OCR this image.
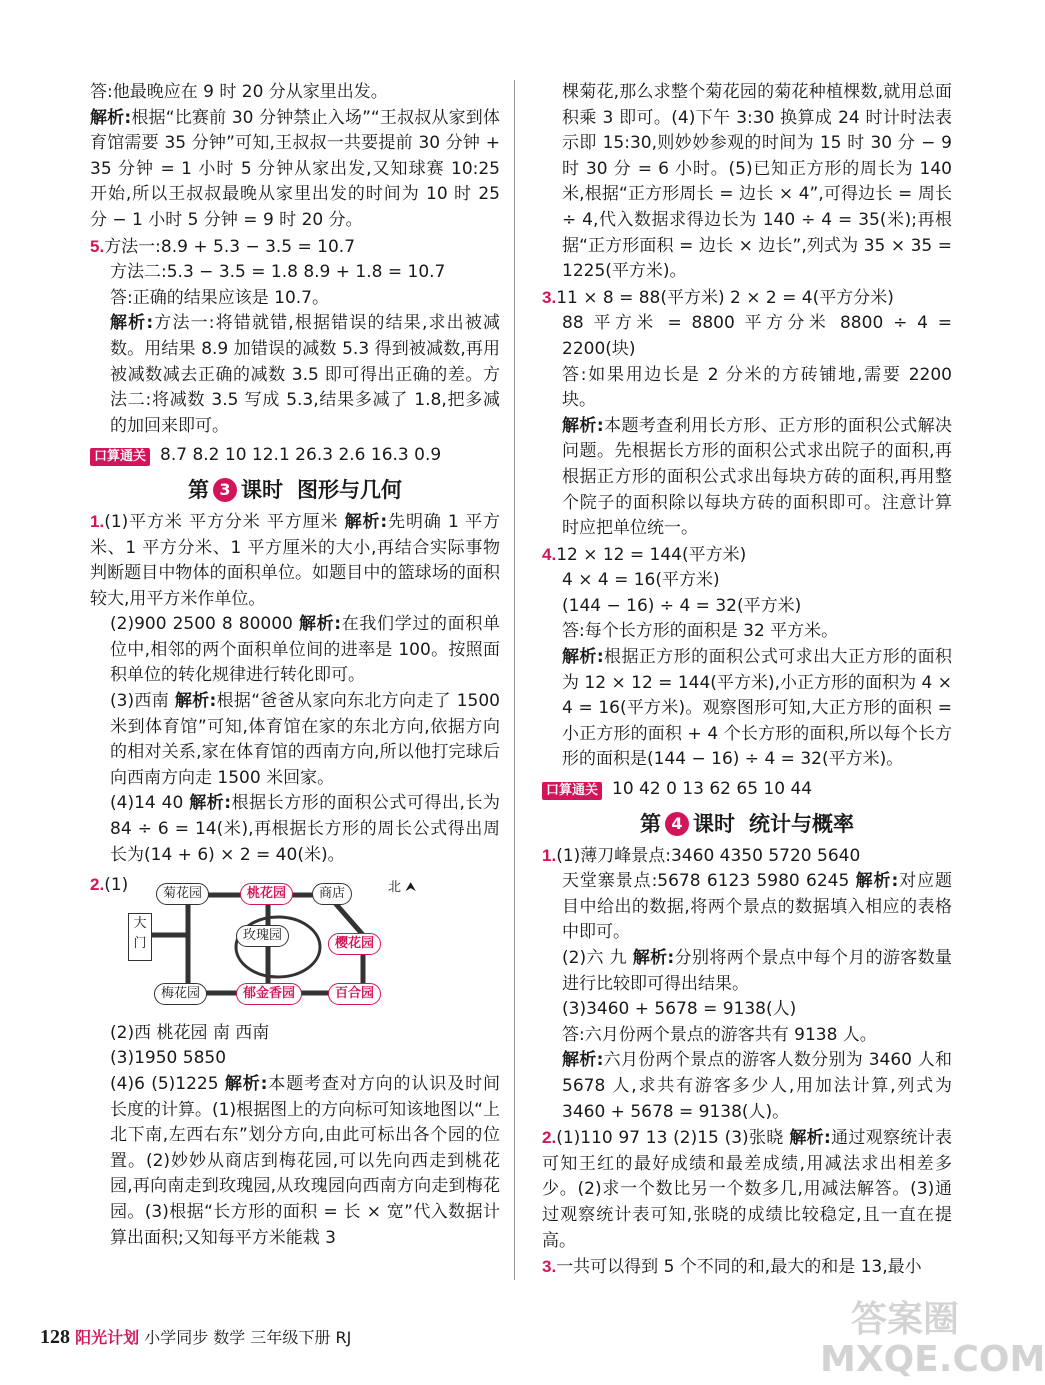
答:他最晚应在 9 时 20 分从家里出发。

解析:根据“比赛前 30 分钟禁止入场”“王叔叔从家到体育馆需要 35 分钟”可知,王叔叔一共要提前 30 分钟 + 35 分钟 = 1 小时 5 分钟从家出发,又知球赛 10:25 开始,所以王叔叔最晚从家里出发的时间为 10 时 25 分 − 1 小时 5 分钟 = 9 时 20 分。

5.方法一:8.9 + 5.3 − 3.5 = 10.7

方法二:5.3 − 3.5 = 1.8 8.9 + 1.8 = 10.7

答:正确的结果应该是 10.7。

解析:方法一:将错就错,根据错误的结果,求出被减数。用结果 8.9 加错误的减数 5.3 得到被减数,再用被减数减去正确的减数 3.5 即可得出正确的差。方法二:将减数 3.5 写成 5.3,结果多减了 1.8,把多减的加回来即可。

口算通关 8.7 8.2 10 12.1 26.3 2.6 16.3 0.9

第 3 课时 图形与几何

1.(1)平方米 平方分米 平方厘米 解析:先明确 1 平方米、1 平方分米、1 平方厘米的大小,再结合实际事物判断题目中物体的面积单位。如题目中的篮球场的面积较大,用平方米作单位。

(2)900 2500 8 80000 解析:在我们学过的面积单位中,相邻的两个面积单位间的进率是 100。按照面积单位的转化规律进行转化即可。

(3)西南 解析:根据“爸爸从家向东北方向走了 1500 米到体育馆”可知,体育馆在家的东北方向,依据方向的相对关系,家在体育馆的西南方向,所以他打完球后向西南方向走 1500 米回家。

(4)14 40 解析:根据长方形的面积公式可得出,长为 84 ÷ 6 = 14(米),再根据长方形的周长公式得出周长为(14 + 6) × 2 = 40(米)。

2.(1)	北 ⮝
大门
菊花园	桃花园	商店
玫瑰园
樱花园
梅花园	郁金香园	百合园

(2)西 桃花园 南 西南

(3)1950 5850

(4)6 (5)1225 解析:本题考查对方向的认识及时间长度的计算。(1)根据图上的方向标可知该地图以“上北下南,左西右东”划分方向,由此可标出各个园的位置。(2)妙妙从商店到梅花园,可以先向西走到桃花园,再向南走到玫瑰园,从玫瑰园向西南方向走到梅花园。(3)根据“长方形的面积 = 长 × 宽”代入数据计算出面积;又知每平方米能栽 3

棵菊花,那么求整个菊花园的菊花种植棵数,就用总面积乘 3 即可。(4)下午 3:30 换算成 24 时计时法表示即 15:30,则妙妙参观的时间为 15 时 30 分 − 9 时 30 分 = 6 小时。(5)已知正方形的周长为 140 米,根据“正方形周长 = 边长 × 4”,可得边长 = 周长 ÷ 4,代入数据求得边长为 140 ÷ 4 = 35(米);再根据“正方形面积 = 边长 × 边长”,列式为 35 × 35 = 1225(平方米)。

3.11 × 8 = 88(平方米) 2 × 2 = 4(平方分米)

88 平方米 = 8800 平方分米 8800 ÷ 4 = 2200(块)

答:如果用边长是 2 分米的方砖铺地,需要 2200 块。

解析:本题考查利用长方形、正方形的面积公式解决问题。先根据长方形的面积公式求出院子的面积,再根据正方形的面积公式求出每块方砖的面积,再用整个院子的面积除以每块方砖的面积即可。注意计算时应把单位统一。

4.12 × 12 = 144(平方米)

4 × 4 = 16(平方米)

(144 − 16) ÷ 4 = 32(平方米)

答:每个长方形的面积是 32 平方米。

解析:根据正方形的面积公式可求出大正方形的面积为 12 × 12 = 144(平方米),小正方形的面积为 4 × 4 = 16(平方米)。观察图形可知,大正方形的面积 = 小正方形的面积 + 4 个长方形的面积,所以每个长方形的面积是(144 − 16) ÷ 4 = 32(平方米)。

口算通关 10 42 0 13 62 65 10 44

第 4 课时 统计与概率

1.(1)薄刀峰景点:3460 4350 5720 5640

天堂寨景点:5678 6123 5980 6245 解析:对应题目中给出的数据,将两个景点的数据填入相应的表格中即可。

(2)六 九 解析:分别将两个景点中每个月的游客数量进行比较即可得出结果。

(3)3460 + 5678 = 9138(人)

答:六月份两个景点的游客共有 9138 人。

解析:六月份两个景点的游客人数分别为 3460 人和 5678 人,求共有游客多少人,用加法计算,列式为 3460 + 5678 = 9138(人)。

2.(1)110 97 13 (2)15 (3)张晓 解析:通过观察统计表可知王红的最好成绩和最差成绩,用减法求出相差多少。(2)求一个数比另一个数多几,用减法解答。(3)通过观察统计表可知,张晓的成绩比较稳定,且一直在提高。

3.一共可以得到 5 个不同的和,最大的和是 13,最小

128 阳光计划 小学同步 数学 三年级下册 RJ	答案圈 MXQE.COM
